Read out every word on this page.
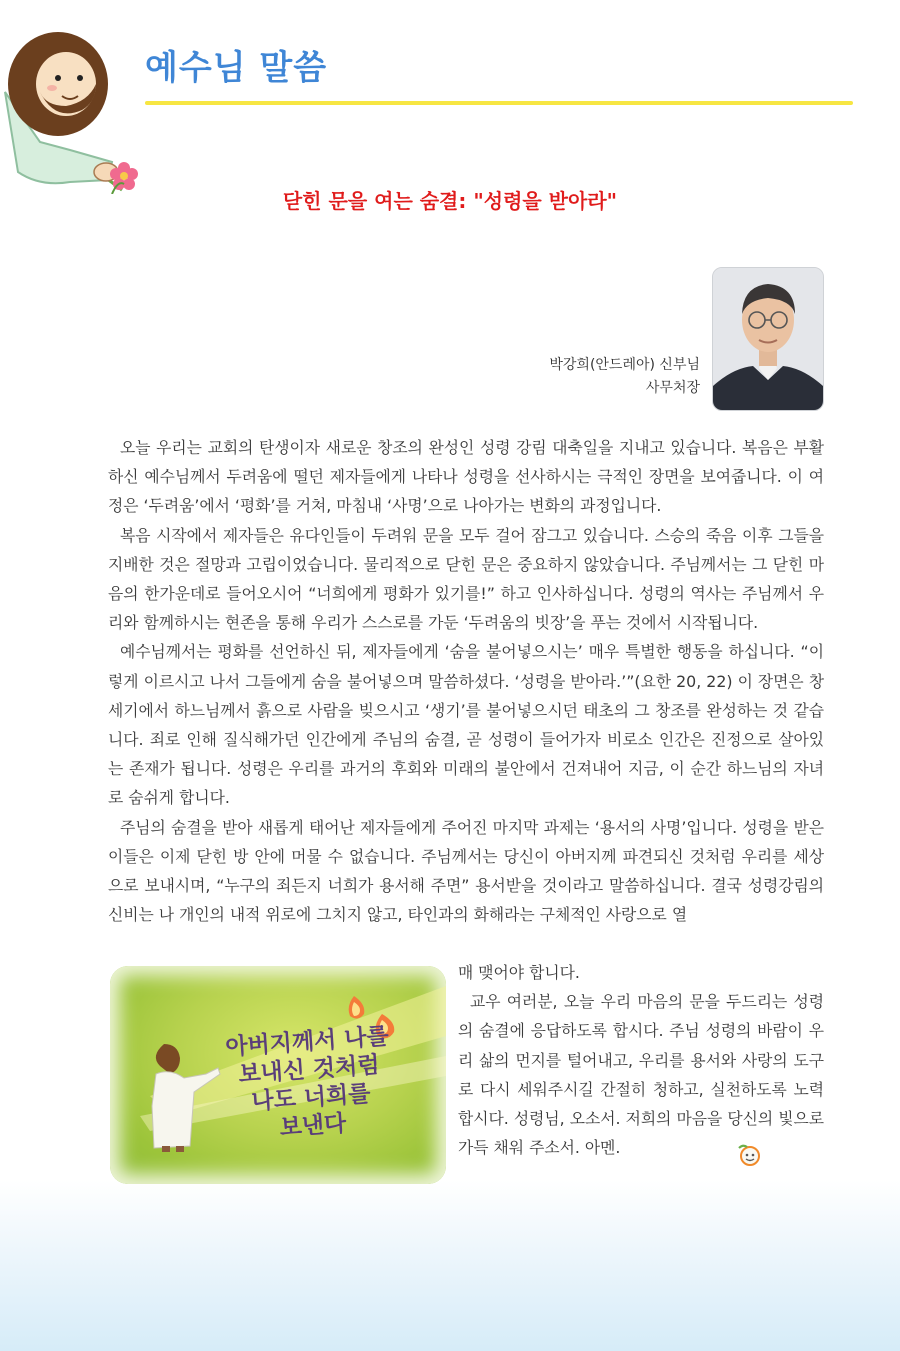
예수님 말씀
닫힌 문을 여는 숨결: "성령을 받아라"
박강희(안드레아) 신부님
사무처장

오늘 우리는 교회의 탄생이자 새로운 창조의 완성인 성령 강림 대축일을 지내고 있습니다. 복음은 부활하신 예수님께서 두려움에 떨던 제자들에게 나타나 성령을 선사하시는 극적인 장면을 보여줍니다. 이 여정은 ‘두려움’에서 ‘평화’를 거쳐, 마침내 ‘사명’으로 나아가는 변화의 과정입니다.

복음 시작에서 제자들은 유다인들이 두려워 문을 모두 걸어 잠그고 있습니다. 스승의 죽음 이후 그들을 지배한 것은 절망과 고립이었습니다. 물리적으로 닫힌 문은 중요하지 않았습니다. 주님께서는 그 닫힌 마음의 한가운데로 들어오시어 “너희에게 평화가 있기를!” 하고 인사하십니다. 성령의 역사는 주님께서 우리와 함께하시는 현존을 통해 우리가 스스로를 가둔 ‘두려움의 빗장’을 푸는 것에서 시작됩니다.

예수님께서는 평화를 선언하신 뒤, 제자들에게 ‘숨을 불어넣으시는’ 매우 특별한 행동을 하십니다. “이렇게 이르시고 나서 그들에게 숨을 불어넣으며 말씀하셨다. ‘성령을 받아라.’”(요한 20, 22) 이 장면은 창세기에서 하느님께서 흙으로 사람을 빚으시고 ‘생기’를 불어넣으시던 태초의 그 창조를 완성하는 것 같습니다. 죄로 인해 질식해가던 인간에게 주님의 숨결, 곧 성령이 들어가자 비로소 인간은 진정으로 살아있는 존재가 됩니다. 성령은 우리를 과거의 후회와 미래의 불안에서 건져내어 지금, 이 순간 하느님의 자녀로 숨쉬게 합니다.

주님의 숨결을 받아 새롭게 태어난 제자들에게 주어진 마지막 과제는 ‘용서의 사명’입니다. 성령을 받은 이들은 이제 닫힌 방 안에 머물 수 없습니다. 주님께서는 당신이 아버지께 파견되신 것처럼 우리를 세상으로 보내시며, “누구의 죄든지 너희가 용서해 주면” 용서받을 것이라고 말씀하십니다. 결국 성령강림의 신비는 나 개인의 내적 위로에 그치지 않고, 타인과의 화해라는 구체적인 사랑으로 열

아버지께서 나를
보내신 것처럼
나도 너희를
보낸다

매 맺어야 합니다.

교우 여러분, 오늘 우리 마음의 문을 두드리는 성령의 숨결에 응답하도록 합시다. 주님 성령의 바람이 우리 삶의 먼지를 털어내고, 우리를 용서와 사랑의 도구로 다시 세워주시길 간절히 청하고, 실천하도록 노력합시다. 성령님, 오소서. 저희의 마음을 당신의 빛으로 가득 채워 주소서. 아멘.
